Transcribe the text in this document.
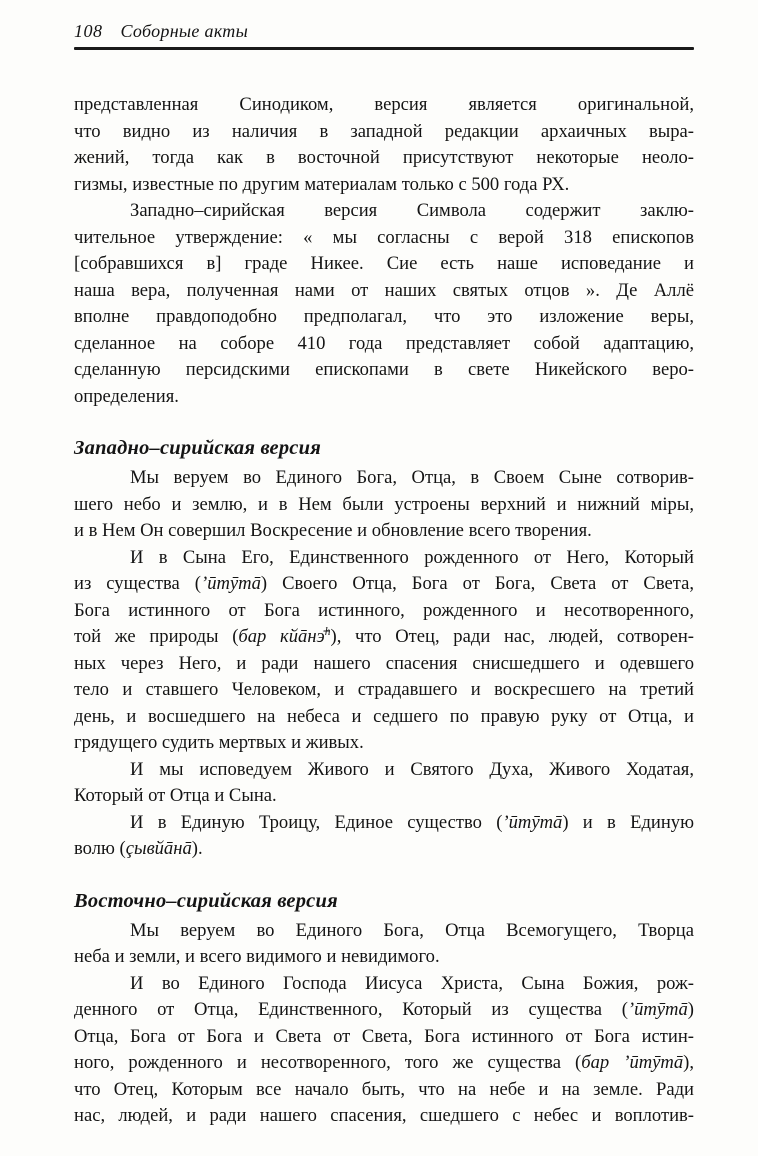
108 Соборные акты
представленная Синодиком, версия является оригинальной,
что видно из наличия в западной редакции архаичных выра-
жений, тогда как в восточной присутствуют некоторые неоло-
гизмы, известные по другим материалам только с 500 года РХ.
Западно–сирийская версия Символа содержит заклю-
чительное утверждение: « мы согласны с верой 318 епископов
[собравшихся в] граде Никее. Сие есть наше исповедание и
наша вера, полученная нами от наших святых отцов ». Де Аллё
вполне правдоподобно предполагал, что это изложение веры,
сделанное на соборе 410 года представляет собой адаптацию,
сделанную персидскими епископами в свете Никейского веро-
определения.
Западно–сирийская версия
Мы веруем во Единого Бога, Отца, в Своем Сыне сотворив-
шего небо и землю, и в Нем были устроены верхний и нижний міры,
и в Нем Он совершил Воскресение и обновление всего творения.
И в Сына Его, Единственного рожденного от Него, Который
из существа (’ӣтӯтā) Своего Отца, Бога от Бога, Света от Света,
Бога истинного от Бога истинного, рожденного и несотворенного,
той же природы (бар кйāнэ̄$^h$), что Отец, ради нас, людей, сотворен-
ных через Него, и ради нашего спасения снисшедшего и одевшего
тело и ставшего Человеком, и страдавшего и воскресшего на третий
день, и восшедшего на небеса и седшего по правую руку от Отца, и
грядущего судить мертвых и живых.
И мы исповедуем Живого и Святого Духа, Живого Ходатая,
Который от Отца и Сына.
И в Единую Троицу, Единое существо (’ӣтӯтā) и в Единую
волю (çывйāнā).
Восточно–сирийская версия
Мы веруем во Единого Бога, Отца Всемогущего, Творца
неба и земли, и всего видимого и невидимого.
И во Единого Господа Иисуса Христа, Сына Божия, рож-
денного от Отца, Единственного, Который из существа (’ӣтӯтā)
Отца, Бога от Бога и Света от Света, Бога истинного от Бога истин-
ного, рожденного и несотворенного, того же существа (бар ’ӣтӯтā),
что Отец, Которым все начало быть, что на небе и на земле. Ради
нас, людей, и ради нашего спасения, сшедшего с небес и воплотив-
